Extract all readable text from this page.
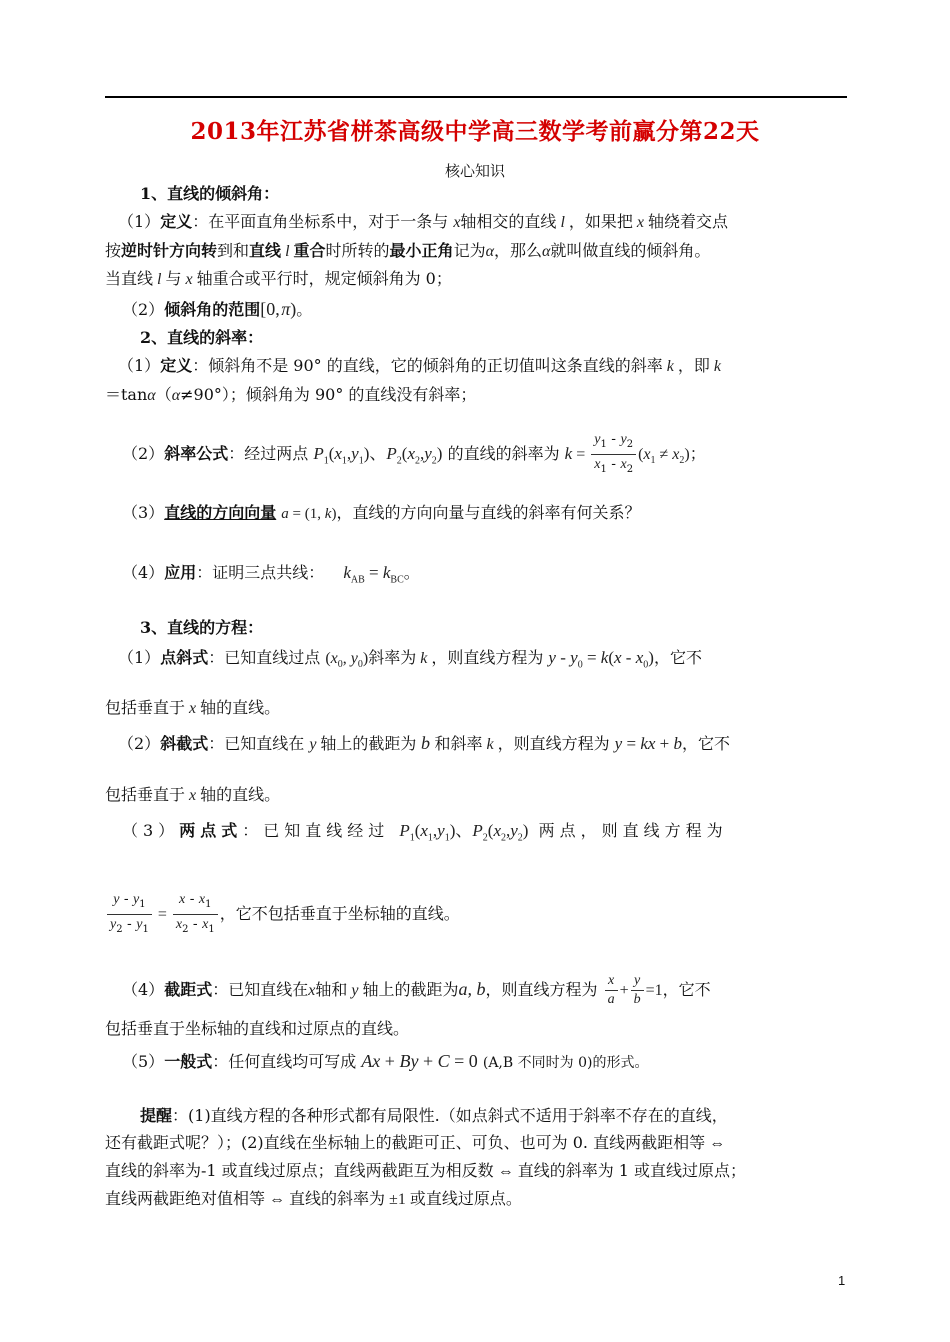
2013年江苏省栟茶高级中学高三数学考前赢分第22天
核心知识
1、直线的倾斜角：
（1）定义：在平面直角坐标系中，对于一条与 x轴相交的直线 l ，如果把 x 轴绕着交点
按逆时针方向转到和直线 l 重合时所转的最小正角记为α，那么α就叫做直线的倾斜角。
当直线 l 与 x 轴重合或平行时，规定倾斜角为 0；
（2）倾斜角的范围[0, π)。
2、直线的斜率：
（1）定义：倾斜角不是 90° 的直线，它的倾斜角的正切值叫这条直线的斜率 k ，即 k
＝tanα（α≠90°）；倾斜角为 90° 的直线没有斜率；
（2）斜率公式：经过两点 $P_1(x_1,y_1)$、$P_2(x_2,y_2)$ 的直线的斜率为 $k = \frac{y_1 - y_2}{x_1 - x_2} (x_1 \ne x_2)$；
（3）直线的方向向量 a = (1, k)，直线的方向向量与直线的斜率有何关系？
（4）应用：证明三点共线： $k_{AB} = k_{BC}$。
3、直线的方程：
（1）点斜式：已知直线过点 ($x_0$, $y_0$)斜率为 k ，则直线方程为 $y - y_0 = k(x - x_0)$，它不
包括垂直于 x 轴的直线。
（2）斜截式：已知直线在 y 轴上的截距为 b 和斜率 k ，则直线方程为 y = kx + b，它不
包括垂直于 x 轴的直线。
（3）两点式：已知直线经过 $P_1(x_1,y_1)$、$P_2(x_2,y_2)$ 两点，则直线方程为
$\frac{y - y_1}{y_2 - y_1} = \frac{x - x_1}{x_2 - x_1}$ ，它不包括垂直于坐标轴的直线。
（4）截距式：已知直线在x轴和 y 轴上的截距为a, b，则直线方程为 $\frac{x}{a} + \frac{y}{b} =1$，它不
包括垂直于坐标轴的直线和过原点的直线。
（5）一般式：任何直线均可写成 Ax + By + C = 0 (A,B 不同时为 0)的形式。
提醒：(1)直线方程的各种形式都有局限性.（如点斜式不适用于斜率不存在的直线，
还有截距式呢？）；(2)直线在坐标轴上的截距可正、可负、也可为 0. 直线两截距相等 ⇔
直线的斜率为-1 或直线过原点；直线两截距互为相反数 ⇔ 直线的斜率为 1 或直线过原点；
直线两截距绝对值相等 ⇔ 直线的斜率为 ±1 或直线过原点。
1
